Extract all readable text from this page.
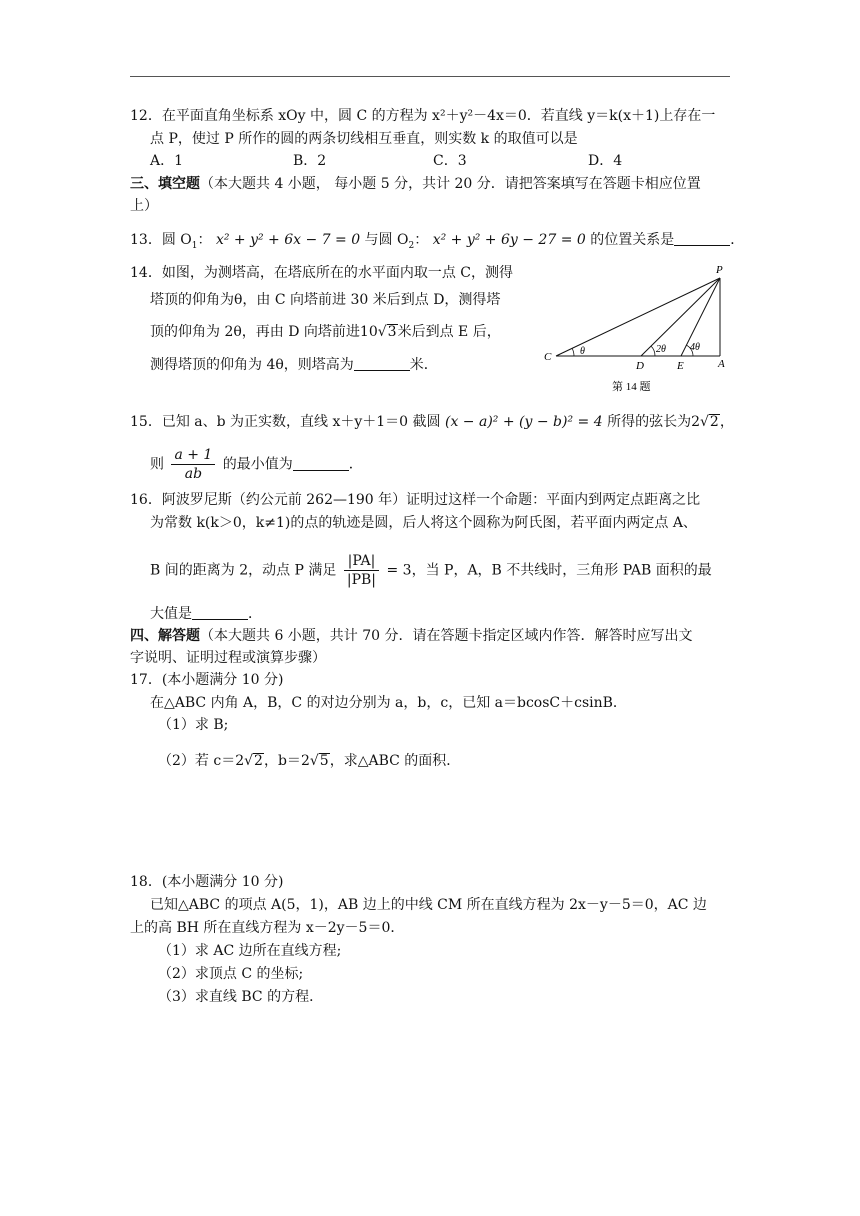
12．在平面直角坐标系 xOy 中，圆 C 的方程为 x²＋y²－4x＝0．若直线 y＝k(x＋1)上存在一
点 P，使过 P 所作的圆的两条切线相互垂直，则实数 k 的取值可以是
A．1	B．2	C．3	D．4
三、填空题（本大题共 4 小题， 每小题 5 分，共计 20 分．请把答案填写在答题卡相应位置
上）
13．圆 $O_1$： x² + y² + 6x − 7 = 0 与圆 $O_2$： x² + y² + 6y − 27 = 0 的位置关系是	．
14．如图，为测塔高，在塔底所在的水平面内取一点 C，测得
塔顶的仰角为θ，由 C 向塔前进 30 米后到点 D，测得塔
顶的仰角为 2θ，再由 D 向塔前进10√3米后到点 E 后，
测得塔顶的仰角为 4θ，则塔高为	米．
P
C
D	E	A
θ	2θ 4θ
第 14 题
15．已知 a、b 为正实数，直线 x＋y＋1＝0 截圆 (x − a)² + (y − b)² = 4 所得的弦长为2√2，
则 $\frac{a + 1}{ab}$ 的最小值为	．
16．阿波罗尼斯（约公元前 262—190 年）证明过这样一个命题：平面内到两定点距离之比
为常数 k(k＞0，k≠1)的点的轨迹是圆，后人将这个圆称为阿氏图，若平面内两定点 A、
B 间的距离为 2，动点 P 满足 $\frac{|PA|}{|PB|} = 3$，当 P，A，B 不共线时，三角形 PAB 面积的最
大值是	．
四、解答题（本大题共 6 小题，共计 70 分．请在答题卡指定区域内作答．解答时应写出文
字说明、证明过程或演算步骤）
17．(本小题满分 10 分)
在△ABC 内角 A，B，C 的对边分别为 a，b，c，已知 a＝bcosC＋csinB．
（1）求 B;
（2）若 c＝2√2，b＝2√5，求△ABC 的面积．
18．(本小题满分 10 分)
已知△ABC 的项点 A(5，1)，AB 边上的中线 CM 所在直线方程为 2x－y－5＝0，AC 边
上的高 BH 所在直线方程为 x－2y－5＝0．
（1）求 AC 边所在直线方程;
（2）求顶点 C 的坐标;
（3）求直线 BC 的方程．
